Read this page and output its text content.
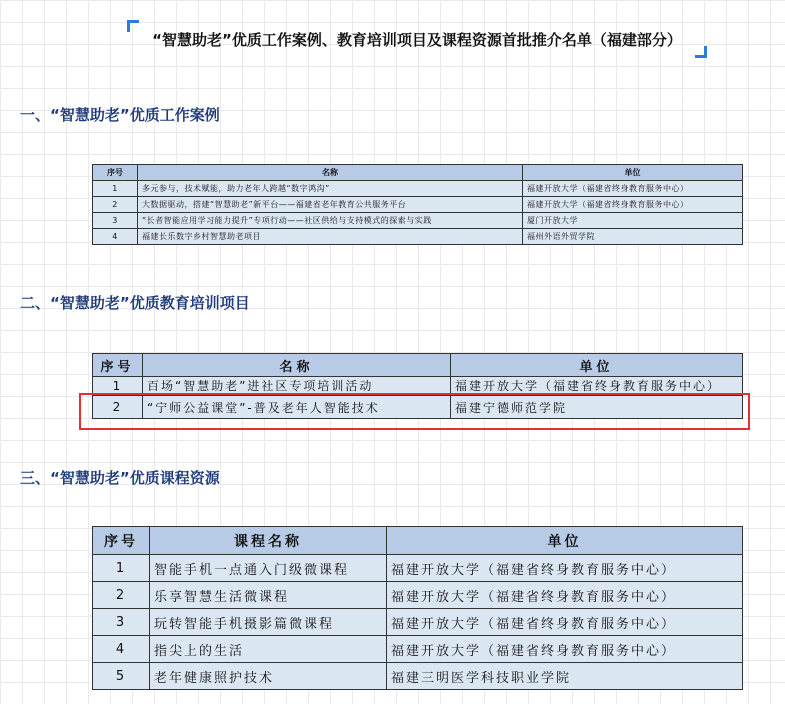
“智慧助老”优质工作案例、教育培训项目及课程资源首批推介名单（福建部分）
一、“智慧助老”优质工作案例
序号	名称	单位
1	多元参与，技术赋能，助力老年人跨越“数字鸿沟”	福建开放大学（福建省终身教育服务中心）
2	大数据驱动，搭建“智慧助老”新平台——福建省老年教育公共服务平台	福建开放大学（福建省终身教育服务中心）
3	“长者智能应用学习能力提升”专项行动——社区供给与支持模式的探索与实践	厦门开放大学
4	福建长乐数字乡村智慧助老项目	福州外语外贸学院
二、“智慧助老”优质教育培训项目
序号	名称	单位
1	百场“智慧助老”进社区专项培训活动	福建开放大学（福建省终身教育服务中心）
2	“宁师公益课堂”-普及老年人智能技术	福建宁德师范学院
三、“智慧助老”优质课程资源
序号	课程名称	单位
1	智能手机一点通入门级微课程	福建开放大学（福建省终身教育服务中心）
2	乐享智慧生活微课程	福建开放大学（福建省终身教育服务中心）
3	玩转智能手机摄影篇微课程	福建开放大学（福建省终身教育服务中心）
4	指尖上的生活	福建开放大学（福建省终身教育服务中心）
5	老年健康照护技术	福建三明医学科技职业学院
